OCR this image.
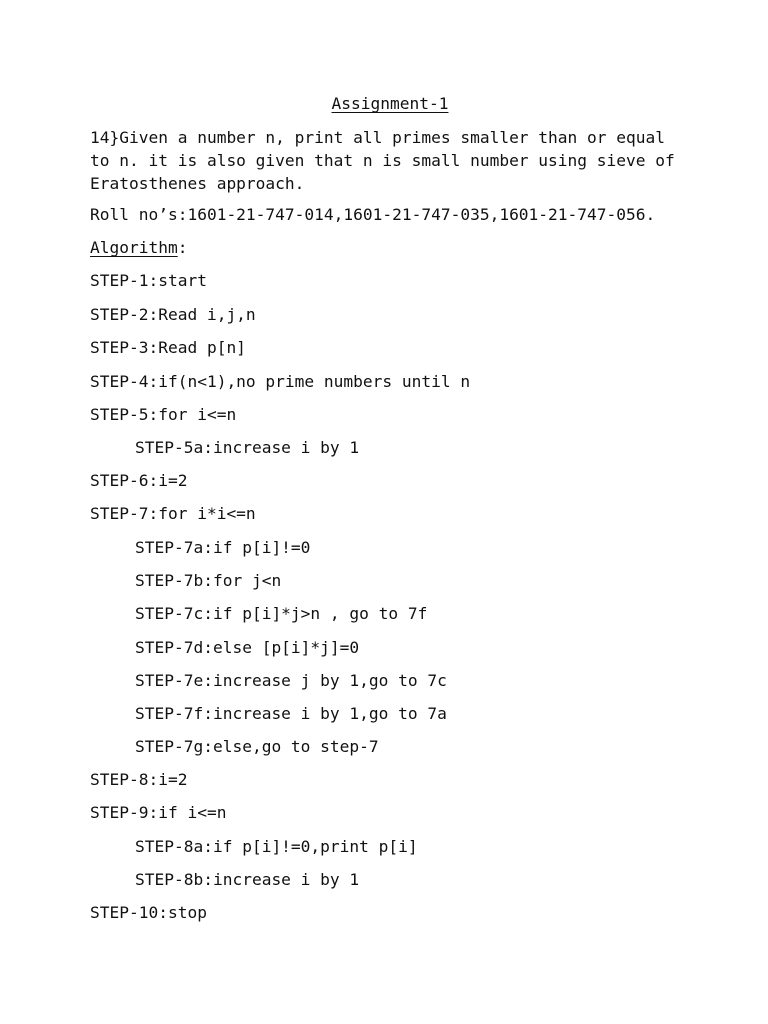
Assignment-1

14}Given a number n, print all primes smaller than or equal to n. it is also given that n is small number using sieve of Eratosthenes approach.

Roll no’s:1601-21-747-014,1601-21-747-035,1601-21-747-056.

Algorithm:

STEP-1:start

STEP-2:Read i,j,n

STEP-3:Read p[n]

STEP-4:if(n<1),no prime numbers until n

STEP-5:for i<=n

STEP-5a:increase i by 1

STEP-6:i=2

STEP-7:for i*i<=n

STEP-7a:if p[i]!=0

STEP-7b:for j<n

STEP-7c:if p[i]*j>n , go to 7f

STEP-7d:else [p[i]*j]=0

STEP-7e:increase j by 1,go to 7c

STEP-7f:increase i by 1,go to 7a

STEP-7g:else,go to step-7

STEP-8:i=2

STEP-9:if i<=n

STEP-8a:if p[i]!=0,print p[i]

STEP-8b:increase i by 1

STEP-10:stop
